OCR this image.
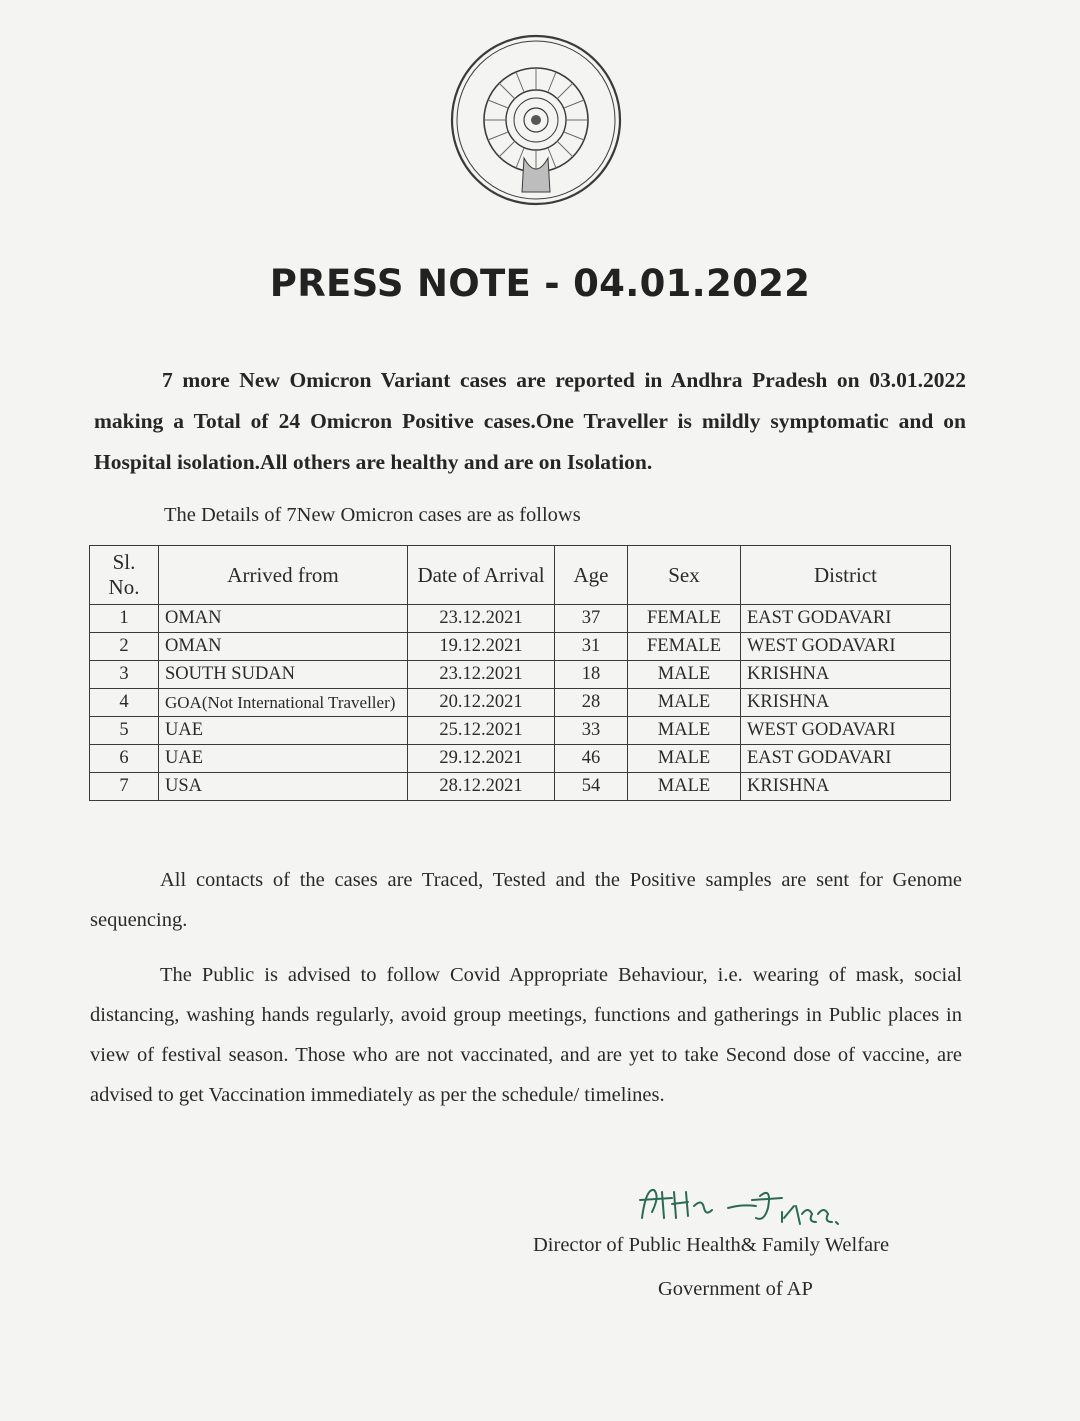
PRESS NOTE - 04.01.2022

7 more New Omicron Variant cases are reported in Andhra Pradesh on 03.01.2022 making a Total of 24 Omicron Positive cases.One Traveller is mildly symptomatic and on Hospital isolation.All others are healthy and are on Isolation.

The Details of 7New Omicron cases are as follows
Sl. No.	Arrived from	Date of Arrival	Age	Sex	District
1	OMAN	23.12.2021	37	FEMALE	EAST GODAVARI
2	OMAN	19.12.2021	31	FEMALE	WEST GODAVARI
3	SOUTH SUDAN	23.12.2021	18	MALE	KRISHNA
4	GOA(Not International Traveller)	20.12.2021	28	MALE	KRISHNA
5	UAE	25.12.2021	33	MALE	WEST GODAVARI
6	UAE	29.12.2021	46	MALE	EAST GODAVARI
7	USA	28.12.2021	54	MALE	KRISHNA

All contacts of the cases are Traced, Tested and the Positive samples are sent for Genome sequencing.

The Public is advised to follow Covid Appropriate Behaviour, i.e. wearing of mask, social distancing, washing hands regularly, avoid group meetings, functions and gatherings in Public places in view of festival season. Those who are not vaccinated, and are yet to take Second dose of vaccine, are advised to get Vaccination immediately as per the schedule/ timelines.

Director of Public Health& Family Welfare
Government of AP
